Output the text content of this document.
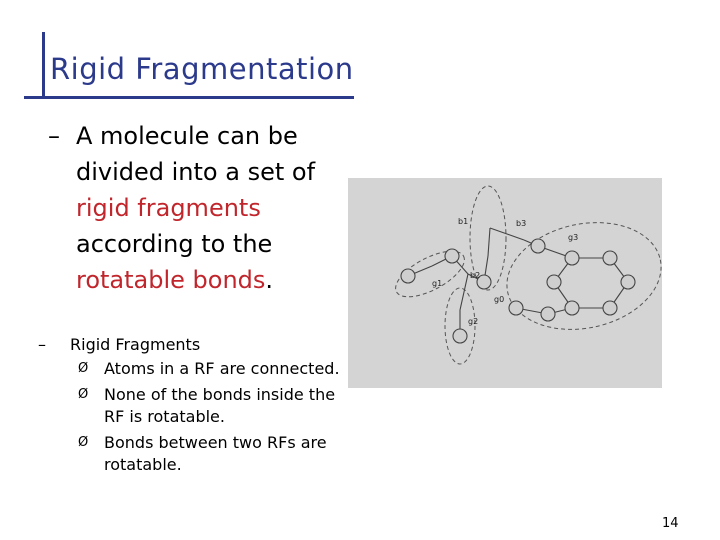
Rigid Fragmentation
– A molecule can be divided into a set of rigid fragments according to the rotatable bonds.
– Rigid Fragments
Ø Atoms in a RF are connected.
Ø None of the bonds inside the RF is rotatable.
Ø Bonds between two RFs are rotatable.
b1
b2
b3
g0
g1
g2
g3
14
